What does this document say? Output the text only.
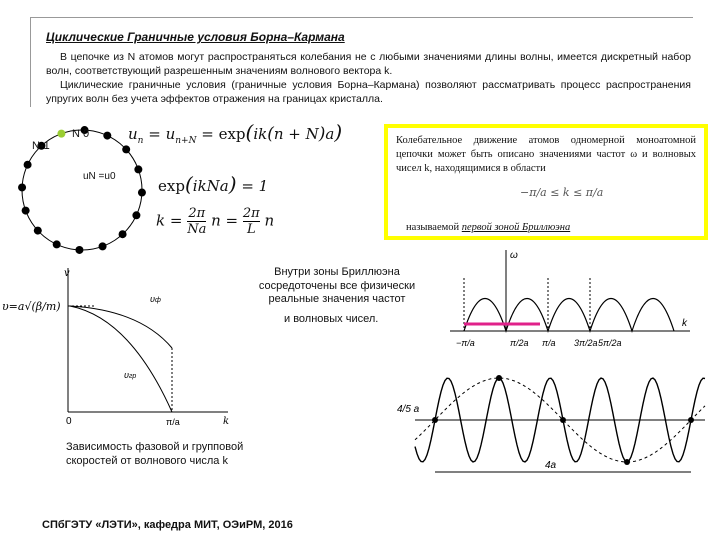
Циклические Граничные условия Борна–Кармана

В цепочке из N атомов могут распространяться колебания не с любыми значениями длины волны, имеется дискретный набор волн, соответствующий разрешенным значениям волнового вектора k.

Циклические граничные условия (граничные условия Борна–Кармана) позволяют рассматривать процесс распространения упругих волн без учета эффектов отражения на границах кристалла.

N-1
N 0
uN =u0
$u_n = u_{n+N} = \exp(ik(n + N)a)$
exp(ikNa) = 1
$k = \frac{2\pi}{Na}$ $n = \frac{2\pi}{L}$ n
Колебательное движение атомов одномерной моноатомной цепочки может быть описано значениями частот ω и волновых чисел k, находящимися в области
−π/a ≤ k ≤ π/a
называемой первой зоной Бриллюэна
Внутри зоны Бриллюэна сосредоточены все физически реальные значения частот
и волновых чисел.
v
k
0
υ=a√(β/m)
υф
υгр
π/a
Зависимость фазовой и групповой скоростей от волнового числа k
ω
k
−π/a	π/2a π/a 3π/2a 5π/2a
4/5 a
4a
СПбГЭТУ «ЛЭТИ», кафедра МИТ, ОЭиРМ, 2016
